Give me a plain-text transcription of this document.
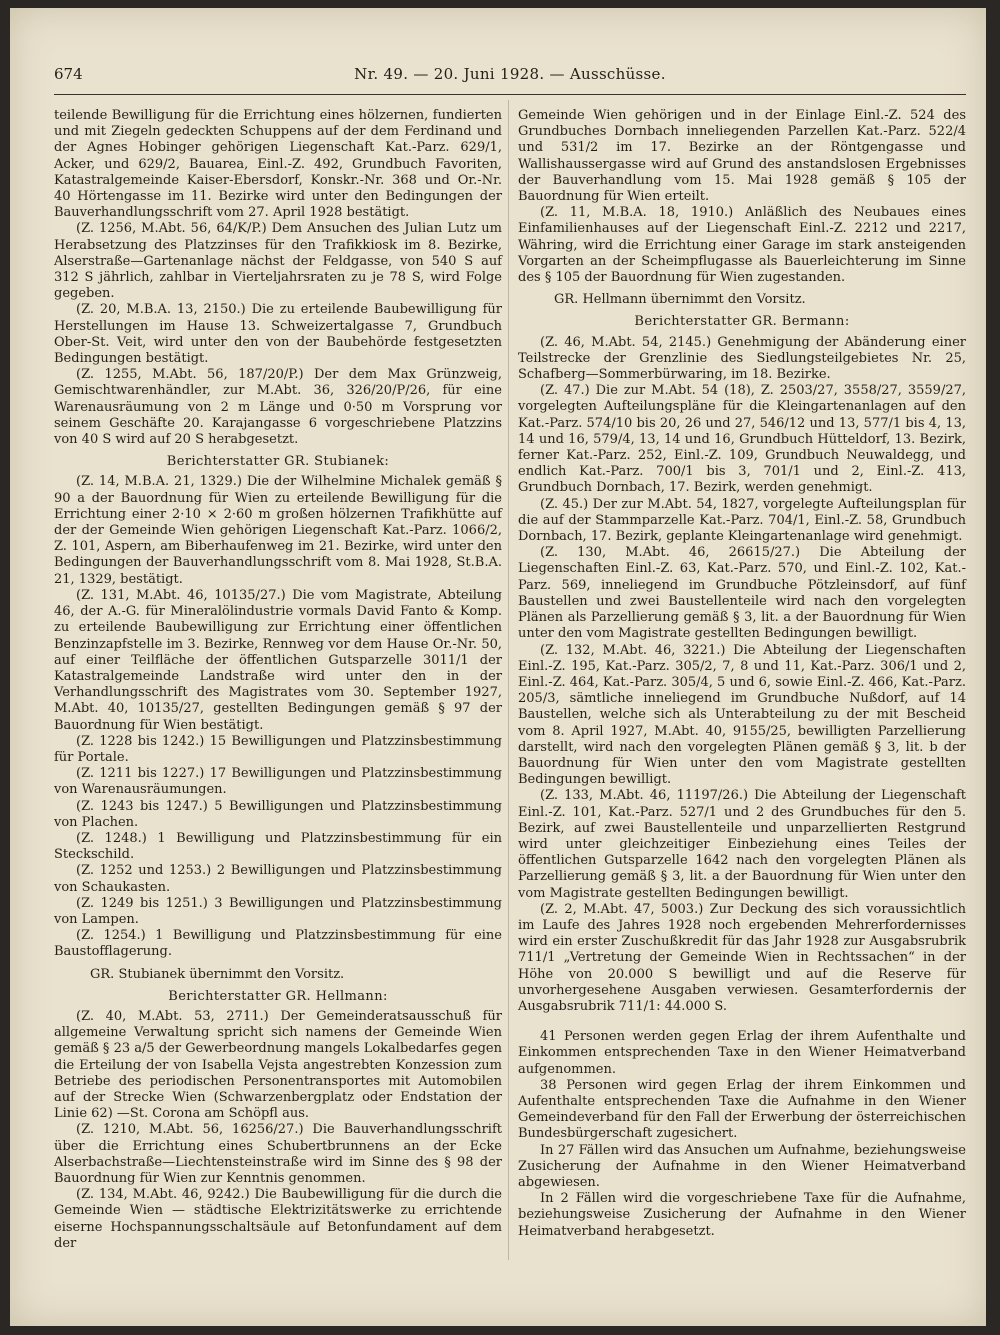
674	Nr. 49. — 20. Juni 1928. — Ausschüsse.

teilende Bewilligung für die Errichtung eines hölzernen, fundierten und mit Ziegeln gedeckten Schuppens auf der dem Ferdinand und der Agnes Hobinger gehörigen Liegenschaft Kat.-Parz. 629/1, Acker, und 629/2, Bauarea, Einl.-Z. 492, Grundbuch Favoriten, Katastralgemeinde Kaiser-Ebersdorf, Konskr.-Nr. 368 und Or.-Nr. 40 Hörtengasse im 11. Bezirke wird unter den Bedingungen der Bauverhandlungsschrift vom 27. April 1928 bestätigt.

(Z. 1256, M.Abt. 56, 64/K/P.) Dem Ansuchen des Julian Lutz um Herabsetzung des Platzzinses für den Trafikkiosk im 8. Bezirke, Alserstraße—Gartenanlage nächst der Feldgasse, von 540 S auf 312 S jährlich, zahlbar in Vierteljahrsraten zu je 78 S, wird Folge gegeben.

(Z. 20, M.B.A. 13, 2150.) Die zu erteilende Baubewilligung für Herstellungen im Hause 13. Schweizertalgasse 7, Grundbuch Ober-St. Veit, wird unter den von der Baubehörde festgesetzten Bedingungen bestätigt.

(Z. 1255, M.Abt. 56, 187/20/P.) Der dem Max Grünzweig, Gemischtwarenhändler, zur M.Abt. 36, 326/20/P/26, für eine Warenausräumung von 2 m Länge und 0·50 m Vorsprung vor seinem Geschäfte 20. Karajangasse 6 vorgeschriebene Platzzins von 40 S wird auf 20 S herabgesetzt.

Berichterstatter GR. Stubianek:

(Z. 14, M.B.A. 21, 1329.) Die der Wilhelmine Michalek gemäß § 90 a der Bauordnung für Wien zu erteilende Bewilligung für die Errichtung einer 2·10 × 2·60 m großen hölzernen Trafikhütte auf der der Gemeinde Wien gehörigen Liegenschaft Kat.-Parz. 1066/2, Z. 101, Aspern, am Biberhaufenweg im 21. Bezirke, wird unter den Bedingungen der Bauverhandlungsschrift vom 8. Mai 1928, St.B.A. 21, 1329, bestätigt.

(Z. 131, M.Abt. 46, 10135/27.) Die vom Magistrate, Abteilung 46, der A.-G. für Mineralölindustrie vormals David Fanto & Komp. zu erteilende Baubewilligung zur Errichtung einer öffentlichen Benzinzapfstelle im 3. Bezirke, Rennweg vor dem Hause Or.-Nr. 50, auf einer Teilfläche der öffentlichen Gutsparzelle 3011/1 der Katastralgemeinde Landstraße wird unter den in der Verhandlungsschrift des Magistrates vom 30. September 1927, M.Abt. 40, 10135/27, gestellten Bedingungen gemäß § 97 der Bauordnung für Wien bestätigt.

(Z. 1228 bis 1242.) 15 Bewilligungen und Platzzinsbestimmung für Portale.

(Z. 1211 bis 1227.) 17 Bewilligungen und Platzzinsbestimmung von Warenausräumungen.

(Z. 1243 bis 1247.) 5 Bewilligungen und Platzzinsbestimmung von Plachen.

(Z. 1248.) 1 Bewilligung und Platzzinsbestimmung für ein Steckschild.

(Z. 1252 und 1253.) 2 Bewilligungen und Platzzinsbestimmung von Schaukasten.

(Z. 1249 bis 1251.) 3 Bewilligungen und Platzzinsbestimmung von Lampen.

(Z. 1254.) 1 Bewilligung und Platzzinsbestimmung für eine Baustofflagerung.

GR. Stubianek übernimmt den Vorsitz.

Berichterstatter GR. Hellmann:

(Z. 40, M.Abt. 53, 2711.) Der Gemeinderatsausschuß für allgemeine Verwaltung spricht sich namens der Gemeinde Wien gemäß § 23 a/5 der Gewerbeordnung mangels Lokalbedarfes gegen die Erteilung der von Isabella Vejsta angestrebten Konzession zum Betriebe des periodischen Personentransportes mit Automobilen auf der Strecke Wien (Schwarzenbergplatz oder Endstation der Linie 62) —St. Corona am Schöpfl aus.

(Z. 1210, M.Abt. 56, 16256/27.) Die Bauverhandlungsschrift über die Errichtung eines Schubertbrunnens an der Ecke Alserbachstraße—Liechtensteinstraße wird im Sinne des § 98 der Bauordnung für Wien zur Kenntnis genommen.

(Z. 134, M.Abt. 46, 9242.) Die Baubewilligung für die durch die Gemeinde Wien — städtische Elektrizitätswerke zu errichtende eiserne Hochspannungsschaltsäule auf Betonfundament auf dem der

Gemeinde Wien gehörigen und in der Einlage Einl.-Z. 524 des Grundbuches Dornbach inneliegenden Parzellen Kat.-Parz. 522/4 und 531/2 im 17. Bezirke an der Röntgengasse und Wallishaussergasse wird auf Grund des anstandslosen Ergebnisses der Bauverhandlung vom 15. Mai 1928 gemäß § 105 der Bauordnung für Wien erteilt.

(Z. 11, M.B.A. 18, 1910.) Anläßlich des Neubaues eines Einfamilienhauses auf der Liegenschaft Einl.-Z. 2212 und 2217, Währing, wird die Errichtung einer Garage im stark ansteigenden Vorgarten an der Scheimpflugasse als Bauerleichterung im Sinne des § 105 der Bauordnung für Wien zugestanden.

GR. Hellmann übernimmt den Vorsitz.

Berichterstatter GR. Bermann:

(Z. 46, M.Abt. 54, 2145.) Genehmigung der Abänderung einer Teilstrecke der Grenzlinie des Siedlungsteilgebietes Nr. 25, Schafberg—Sommerbürwaring, im 18. Bezirke.

(Z. 47.) Die zur M.Abt. 54 (18), Z. 2503/27, 3558/27, 3559/27, vorgelegten Aufteilungspläne für die Kleingartenanlagen auf den Kat.-Parz. 574/10 bis 20, 26 und 27, 546/12 und 13, 577/1 bis 4, 13, 14 und 16, 579/4, 13, 14 und 16, Grundbuch Hütteldorf, 13. Bezirk, ferner Kat.-Parz. 252, Einl.-Z. 109, Grundbuch Neuwaldegg, und endlich Kat.-Parz. 700/1 bis 3, 701/1 und 2, Einl.-Z. 413, Grundbuch Dornbach, 17. Bezirk, werden genehmigt.

(Z. 45.) Der zur M.Abt. 54, 1827, vorgelegte Aufteilungsplan für die auf der Stammparzelle Kat.-Parz. 704/1, Einl.-Z. 58, Grundbuch Dornbach, 17. Bezirk, geplante Kleingartenanlage wird genehmigt.

(Z. 130, M.Abt. 46, 26615/27.) Die Abteilung der Liegenschaften Einl.-Z. 63, Kat.-Parz. 570, und Einl.-Z. 102, Kat.-Parz. 569, inneliegend im Grundbuche Pötzleinsdorf, auf fünf Baustellen und zwei Baustellenteile wird nach den vorgelegten Plänen als Parzellierung gemäß § 3, lit. a der Bauordnung für Wien unter den vom Magistrate gestellten Bedingungen bewilligt.

(Z. 132, M.Abt. 46, 3221.) Die Abteilung der Liegenschaften Einl.-Z. 195, Kat.-Parz. 305/2, 7, 8 und 11, Kat.-Parz. 306/1 und 2, Einl.-Z. 464, Kat.-Parz. 305/4, 5 und 6, sowie Einl.-Z. 466, Kat.-Parz. 205/3, sämtliche inneliegend im Grundbuche Nußdorf, auf 14 Baustellen, welche sich als Unterabteilung zu der mit Bescheid vom 8. April 1927, M.Abt. 40, 9155/25, bewilligten Parzellierung darstellt, wird nach den vorgelegten Plänen gemäß § 3, lit. b der Bauordnung für Wien unter den vom Magistrate gestellten Bedingungen bewilligt.

(Z. 133, M.Abt. 46, 11197/26.) Die Abteilung der Liegenschaft Einl.-Z. 101, Kat.-Parz. 527/1 und 2 des Grundbuches für den 5. Bezirk, auf zwei Baustellenteile und unparzellierten Restgrund wird unter gleichzeitiger Einbeziehung eines Teiles der öffentlichen Gutsparzelle 1642 nach den vorgelegten Plänen als Parzellierung gemäß § 3, lit. a der Bauordnung für Wien unter den vom Magistrate gestellten Bedingungen bewilligt.

(Z. 2, M.Abt. 47, 5003.) Zur Deckung des sich voraussichtlich im Laufe des Jahres 1928 noch ergebenden Mehrerfordernisses wird ein erster Zuschußkredit für das Jahr 1928 zur Ausgabsrubrik 711/1 „Vertretung der Gemeinde Wien in Rechtssachen“ in der Höhe von 20.000 S bewilligt und auf die Reserve für unvorhergesehene Ausgaben verwiesen. Gesamterfordernis der Ausgabsrubrik 711/1: 44.000 S.

41 Personen werden gegen Erlag der ihrem Aufenthalte und Einkommen entsprechenden Taxe in den Wiener Heimatverband aufgenommen.

38 Personen wird gegen Erlag der ihrem Einkommen und Aufenthalte entsprechenden Taxe die Aufnahme in den Wiener Gemeindeverband für den Fall der Erwerbung der österreichischen Bundesbürgerschaft zugesichert.

In 27 Fällen wird das Ansuchen um Aufnahme, beziehungsweise Zusicherung der Aufnahme in den Wiener Heimatverband abgewiesen.

In 2 Fällen wird die vorgeschriebene Taxe für die Aufnahme, beziehungsweise Zusicherung der Aufnahme in den Wiener Heimatverband herabgesetzt.
